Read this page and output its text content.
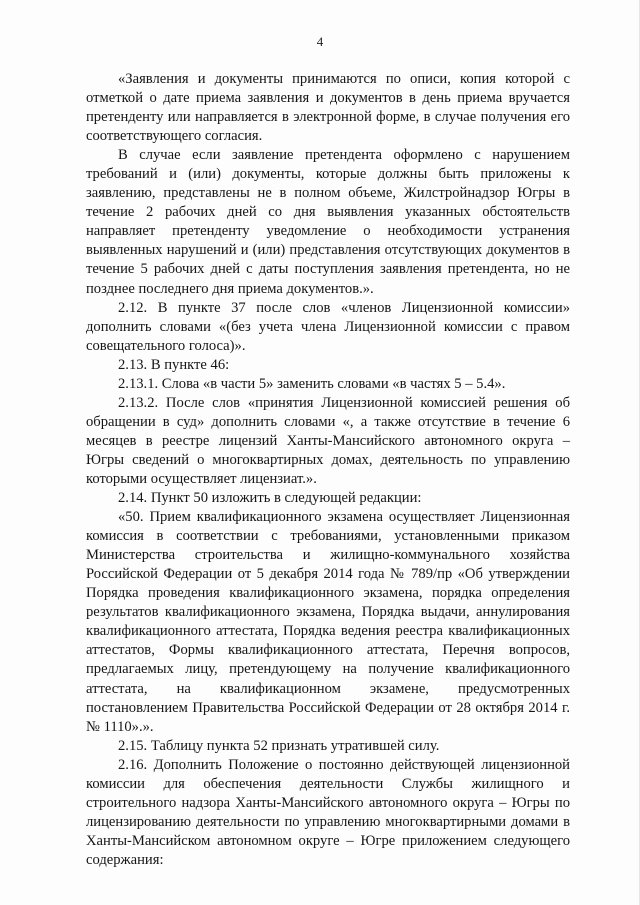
4

«Заявления и документы принимаются по описи, копия которой с отметкой о дате приема заявления и документов в день приема вручается претенденту или направляется в электронной форме, в случае получения его соответствующего согласия.

В случае если заявление претендента оформлено с нарушением требований и (или) документы, которые должны быть приложены к заявлению, представлены не в полном объеме, Жилстройнадзор Югры в течение 2 рабочих дней со дня выявления указанных обстоятельств направляет претенденту уведомление о необходимости устранения выявленных нарушений и (или) представления отсутствующих документов в течение 5 рабочих дней с даты поступления заявления претендента, но не позднее последнего дня приема документов.».

2.12. В пункте 37 после слов «членов Лицензионной комиссии» дополнить словами «(без учета члена Лицензионной комиссии с правом совещательного голоса)».

2.13. В пункте 46:

2.13.1. Слова «в части 5» заменить словами «в частях 5 – 5.4».

2.13.2. После слов «принятия Лицензионной комиссией решения об обращении в суд» дополнить словами «, а также отсутствие в течение 6 месяцев в реестре лицензий Ханты-Мансийского автономного округа – Югры сведений о многоквартирных домах, деятельность по управлению которыми осуществляет лицензиат.».

2.14. Пункт 50 изложить в следующей редакции:

«50. Прием квалификационного экзамена осуществляет Лицензионная комиссия в соответствии с требованиями, установленными приказом Министерства строительства и жилищно-коммунального хозяйства Российской Федерации от 5 декабря 2014 года № 789/пр «Об утверждении Порядка проведения квалификационного экзамена, порядка определения результатов квалификационного экзамена, Порядка выдачи, аннулирования квалификационного аттестата, Порядка ведения реестра квалификационных аттестатов, Формы квалификационного аттестата, Перечня вопросов, предлагаемых лицу, претендующему на получение квалификационного аттестата, на квалификационном экзамене, предусмотренных постановлением Правительства Российской Федерации от 28 октября 2014 г. № 1110».».

2.15. Таблицу пункта 52 признать утратившей силу.

2.16. Дополнить Положение о постоянно действующей лицензионной комиссии для обеспечения деятельности Службы жилищного и строительного надзора Ханты-Мансийского автономного округа – Югры по лицензированию деятельности по управлению многоквартирными домами в Ханты-Мансийском автономном округе – Югре приложением следующего содержания:
